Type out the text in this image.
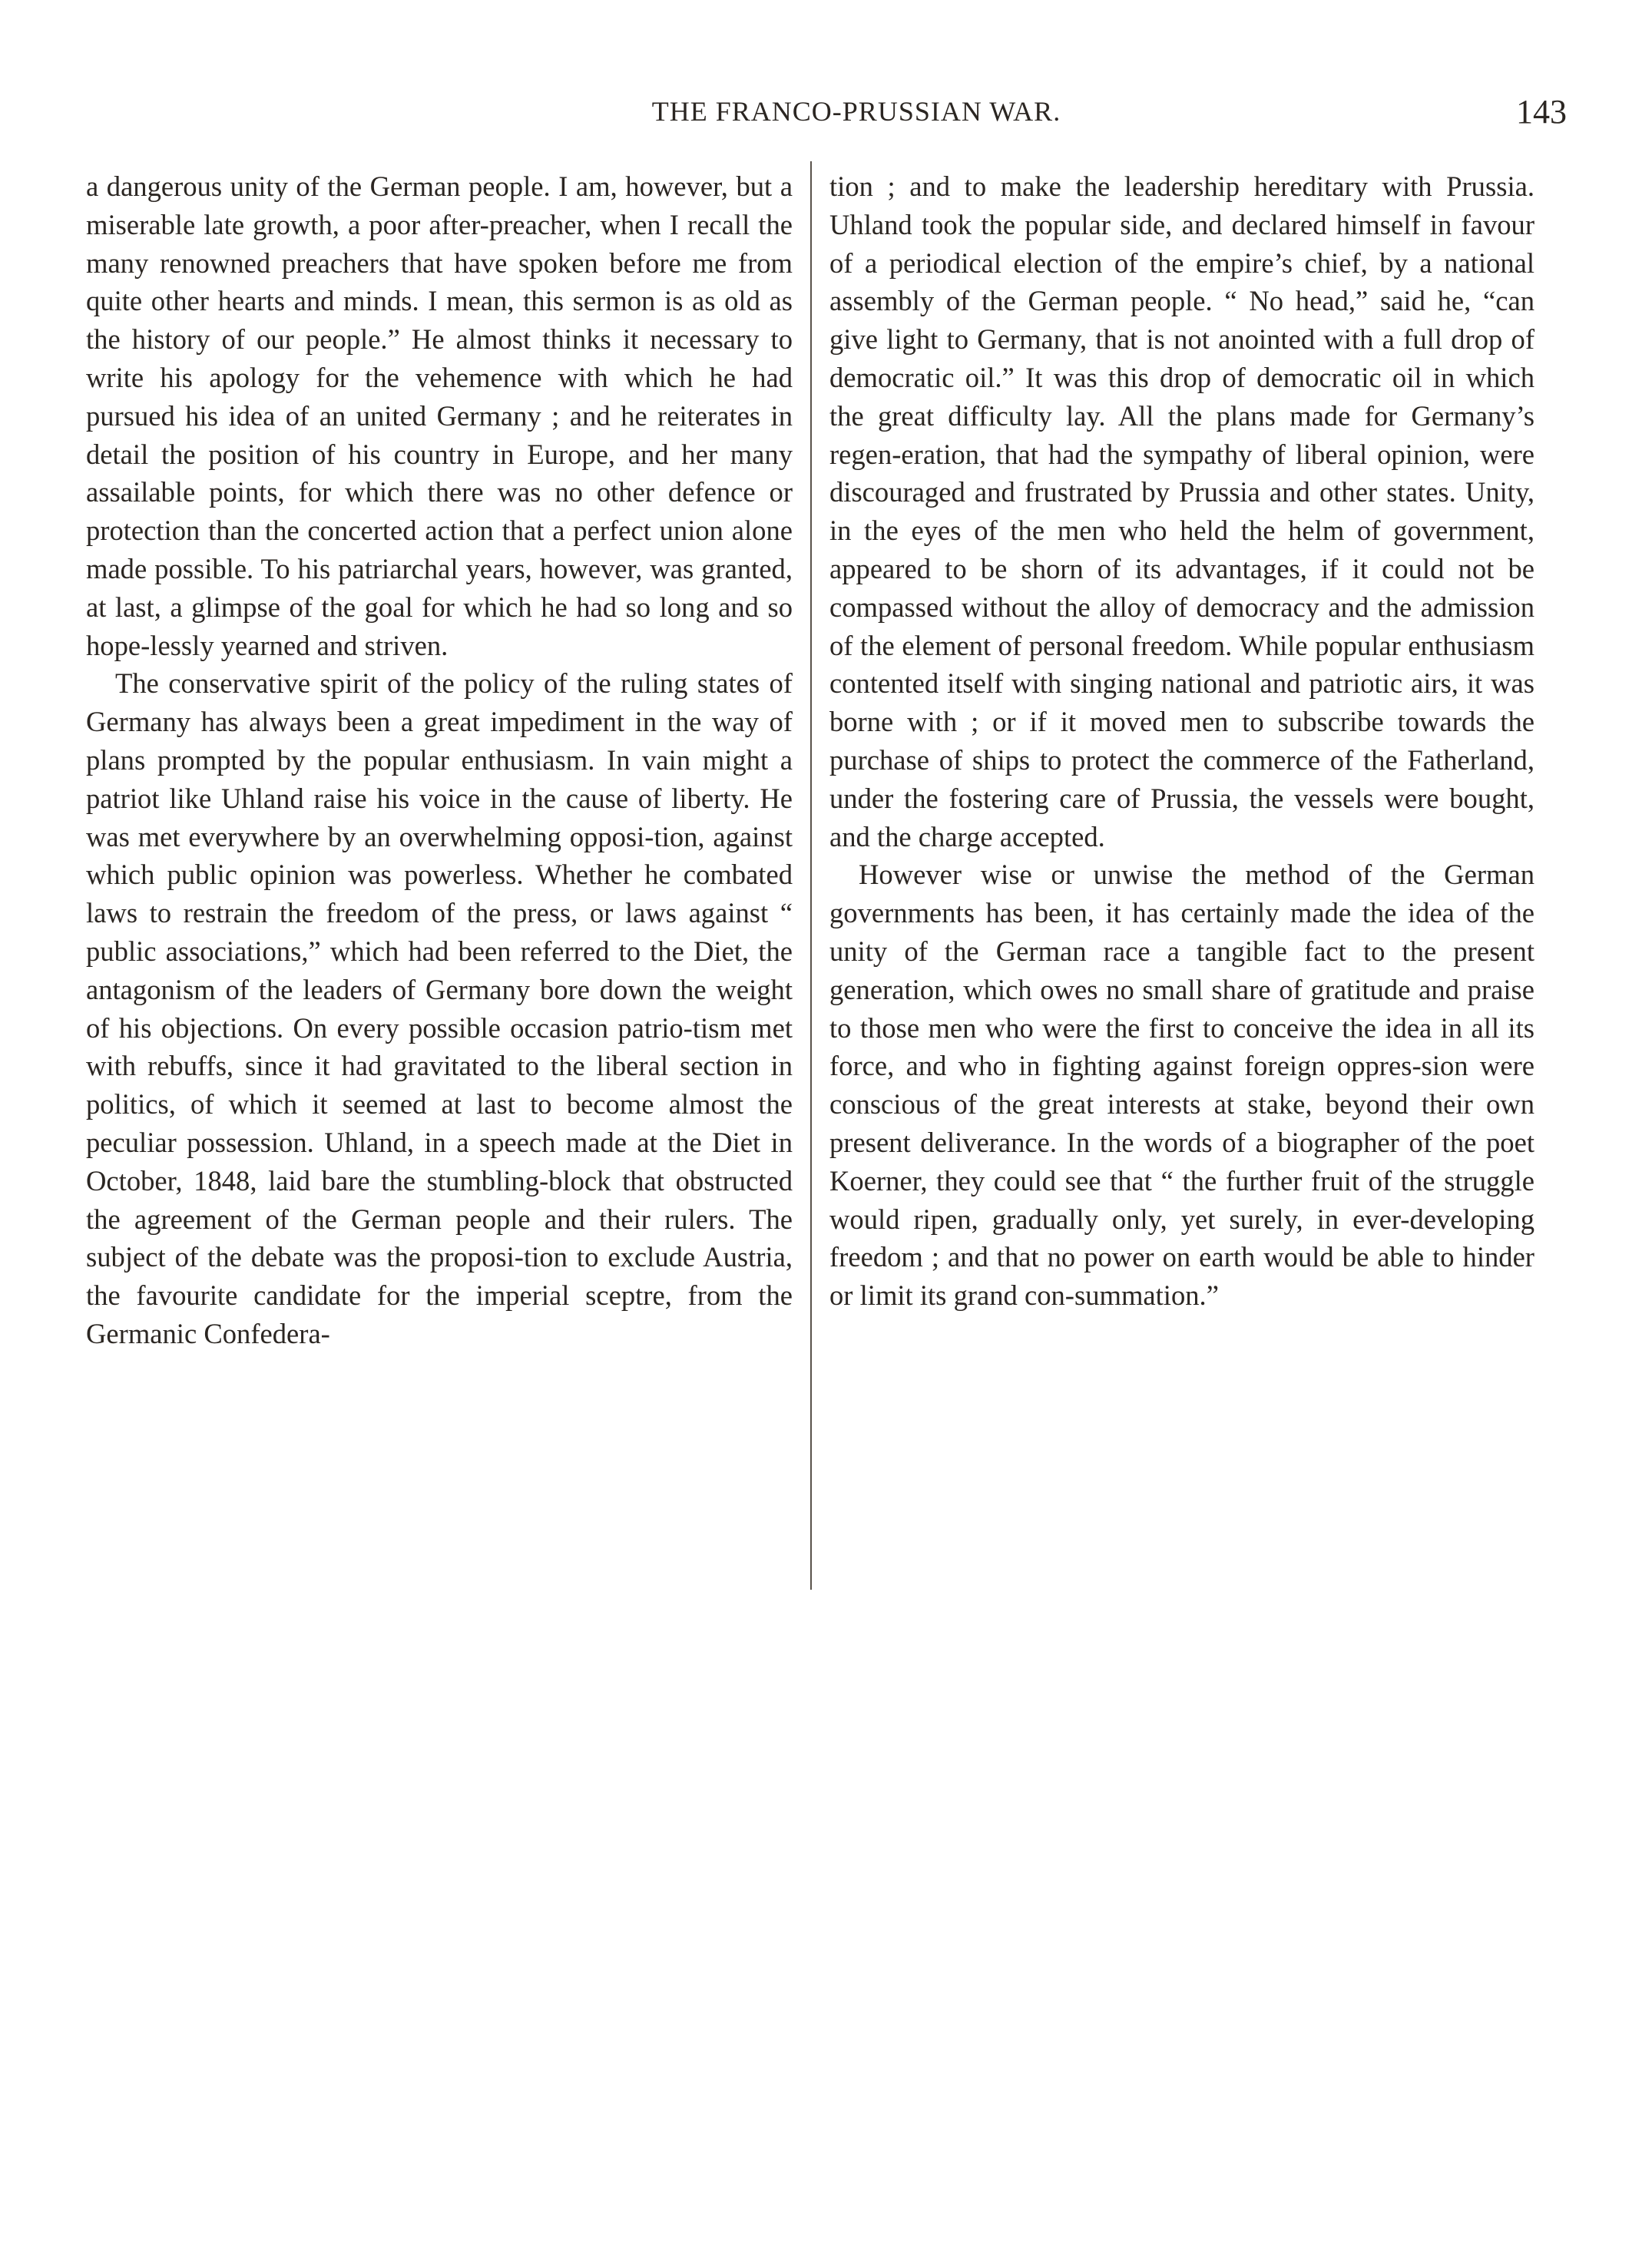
THE FRANCO-PRUSSIAN WAR.	143

a dangerous unity of the German people. I am, however, but a miserable late growth, a poor after-preacher, when I recall the many renowned preachers that have spoken before me from quite other hearts and minds. I mean, this sermon is as old as the history of our people.” He almost thinks it necessary to write his apology for the vehemence with which he had pursued his idea of an united Germany ; and he reiterates in detail the position of his country in Europe, and her many assailable points, for which there was no other defence or protection than the concerted action that a perfect union alone made possible. To his patriarchal years, however, was granted, at last, a glimpse of the goal for which he had so long and so hope-lessly yearned and striven.

The conservative spirit of the policy of the ruling states of Germany has always been a great impediment in the way of plans prompted by the popular enthusiasm. In vain might a patriot like Uhland raise his voice in the cause of liberty. He was met everywhere by an overwhelming opposi-tion, against which public opinion was powerless. Whether he combated laws to restrain the freedom of the press, or laws against “ public associations,” which had been referred to the Diet, the antagonism of the leaders of Germany bore down the weight of his objections. On every possible occasion patrio-tism met with rebuffs, since it had gravitated to the liberal section in politics, of which it seemed at last to become almost the peculiar possession. Uhland, in a speech made at the Diet in October, 1848, laid bare the stumbling-block that obstructed the agreement of the German people and their rulers. The subject of the debate was the proposi-tion to exclude Austria, the favourite candidate for the imperial sceptre, from the Germanic Confedera-

tion ; and to make the leadership hereditary with Prussia. Uhland took the popular side, and declared himself in favour of a periodical election of the empire’s chief, by a national assembly of the German people. “ No head,” said he, “can give light to Germany, that is not anointed with a full drop of democratic oil.” It was this drop of democratic oil in which the great difficulty lay. All the plans made for Germany’s regen-eration, that had the sympathy of liberal opinion, were discouraged and frustrated by Prussia and other states. Unity, in the eyes of the men who held the helm of government, appeared to be shorn of its advantages, if it could not be compassed without the alloy of democracy and the admission of the element of personal freedom. While popular enthusiasm contented itself with singing national and patriotic airs, it was borne with ; or if it moved men to subscribe towards the purchase of ships to protect the commerce of the Fatherland, under the fostering care of Prussia, the vessels were bought, and the charge accepted.

However wise or unwise the method of the German governments has been, it has certainly made the idea of the unity of the German race a tangible fact to the present generation, which owes no small share of gratitude and praise to those men who were the first to conceive the idea in all its force, and who in fighting against foreign oppres-sion were conscious of the great interests at stake, beyond their own present deliverance. In the words of a biographer of the poet Koerner, they could see that “ the further fruit of the struggle would ripen, gradually only, yet surely, in ever-developing freedom ; and that no power on earth would be able to hinder or limit its grand con-summation.”
